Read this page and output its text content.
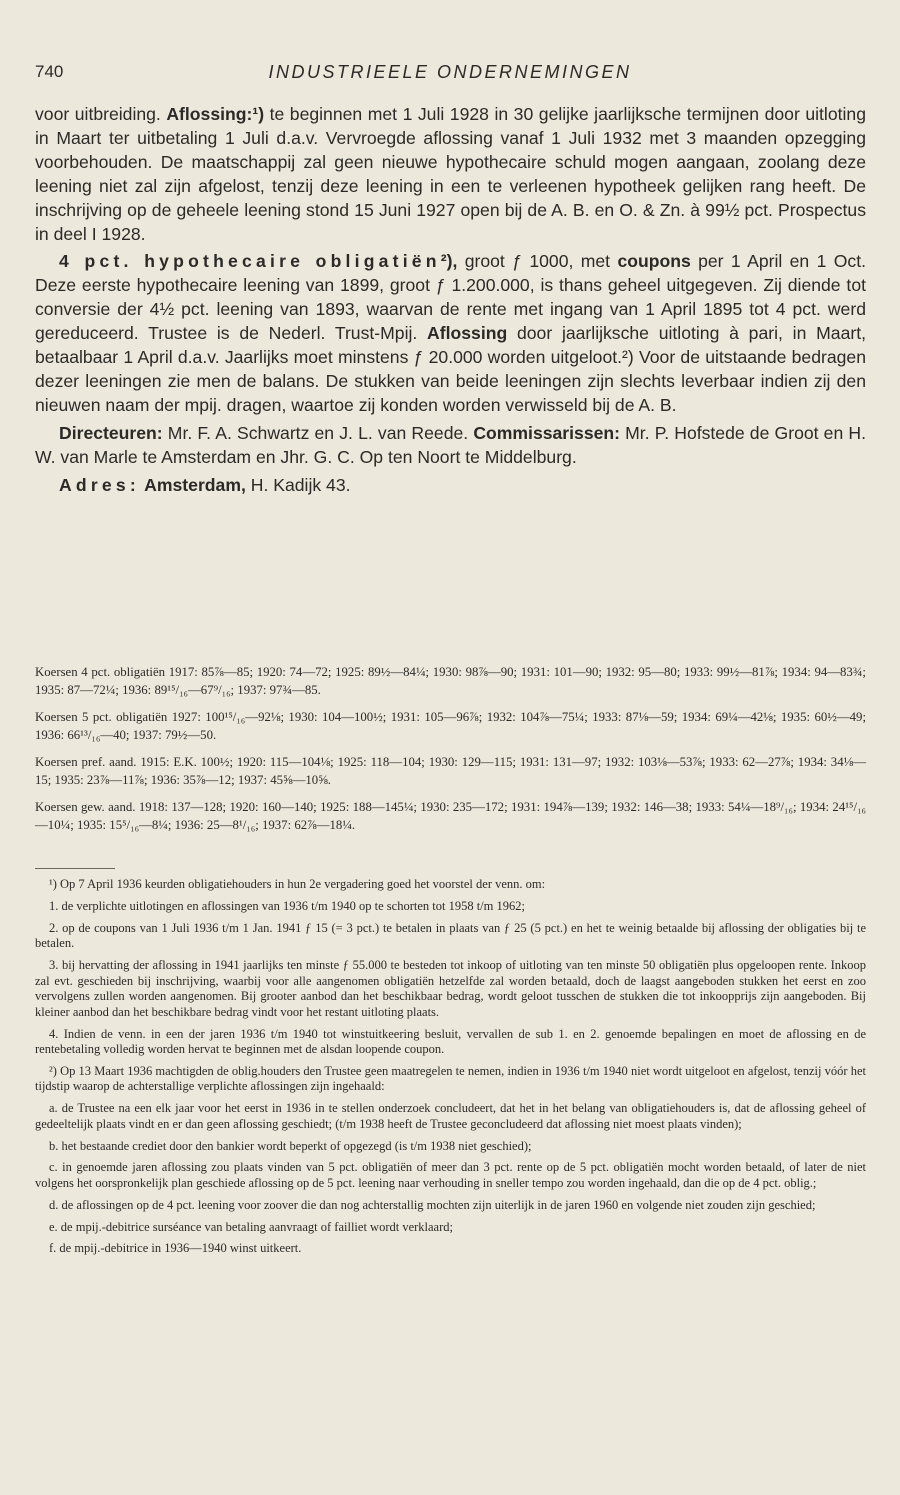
740	INDUSTRIEELE ONDERNEMINGEN

voor uitbreiding. Aflossing:¹) te beginnen met 1 Juli 1928 in 30 gelijke jaarlijksche termijnen door uitloting in Maart ter uitbetaling 1 Juli d.a.v. Vervroegde aflossing vanaf 1 Juli 1932 met 3 maanden opzegging voorbehouden. De maatschappij zal geen nieuwe hypothecaire schuld mogen aangaan, zoolang deze leening niet zal zijn afgelost, tenzij deze leening in een te verleenen hypotheek gelijken rang heeft. De inschrijving op de geheele leening stond 15 Juni 1927 open bij de A. B. en O. & Zn. à 99½ pct. Prospectus in deel I 1928.

4 pct. hypothecaire obligatiën²), groot ƒ 1000, met coupons per 1 April en 1 Oct. Deze eerste hypothecaire leening van 1899, groot ƒ 1.200.000, is thans geheel uitgegeven. Zij diende tot conversie der 4½ pct. leening van 1893, waarvan de rente met ingang van 1 April 1895 tot 4 pct. werd gereduceerd. Trustee is de Nederl. Trust-Mpij. Aflossing door jaarlijksche uitloting à pari, in Maart, betaalbaar 1 April d.a.v. Jaarlijks moet minstens ƒ 20.000 worden uitgeloot.²) Voor de uitstaande bedragen dezer leeningen zie men de balans. De stukken van beide leeningen zijn slechts leverbaar indien zij den nieuwen naam der mpij. dragen, waartoe zij konden worden verwisseld bij de A. B.

Directeuren: Mr. F. A. Schwartz en J. L. van Reede. Commissarissen: Mr. P. Hofstede de Groot en H. W. van Marle te Amsterdam en Jhr. G. C. Op ten Noort te Middelburg.

Adres: Amsterdam, H. Kadijk 43.

Koersen 4 pct. obligatiën 1917: 85⅞—85; 1920: 74—72; 1925: 89½—84¼; 1930: 98⅞—90; 1931: 101—90; 1932: 95—80; 1933: 99½—81⅞; 1934: 94—83¾; 1935: 87—72¼; 1936: 89¹⁵/₁₆—67⁹/₁₆; 1937: 97¾—85.

Koersen 5 pct. obligatiën 1927: 100¹⁵/₁₆—92⅛; 1930: 104—100½; 1931: 105—96⅞; 1932: 104⅞—75¼; 1933: 87⅛—59; 1934: 69¼—42⅛; 1935: 60½—49; 1936: 66¹³/₁₆—40; 1937: 79½—50.

Koersen pref. aand. 1915: E.K. 100½; 1920: 115—104⅛; 1925: 118—104; 1930: 129—115; 1931: 131—97; 1932: 103⅛—53⅞; 1933: 62—27⅞; 1934: 34⅛—15; 1935: 23⅞—11⅞; 1936: 35⅞—12; 1937: 45⅝—10⅝.

Koersen gew. aand. 1918: 137—128; 1920: 160—140; 1925: 188—145¼; 1930: 235—172; 1931: 194⅞—139; 1932: 146—38; 1933: 54¼—18⁹/₁₆; 1934: 24¹⁵/₁₆—10¼; 1935: 15⁵/₁₆—8¼; 1936: 25—8¹/₁₆; 1937: 62⅞—18¼.

¹) Op 7 April 1936 keurden obligatiehouders in hun 2e vergadering goed het voorstel der venn. om:

1. de verplichte uitlotingen en aflossingen van 1936 t/m 1940 op te schorten tot 1958 t/m 1962;

2. op de coupons van 1 Juli 1936 t/m 1 Jan. 1941 ƒ 15 (= 3 pct.) te betalen in plaats van ƒ 25 (5 pct.) en het te weinig betaalde bij aflossing der obligaties bij te betalen.

3. bij hervatting der aflossing in 1941 jaarlijks ten minste ƒ 55.000 te besteden tot inkoop of uitloting van ten minste 50 obligatiën plus opgeloopen rente. Inkoop zal evt. geschieden bij inschrijving, waarbij voor alle aangenomen obligatiën hetzelfde zal worden betaald, doch de laagst aangeboden stukken het eerst en zoo vervolgens zullen worden aangenomen. Bij grooter aanbod dan het beschikbaar bedrag, wordt geloot tusschen de stukken die tot inkoopprijs zijn aangeboden. Bij kleiner aanbod dan het beschikbare bedrag vindt voor het restant uitloting plaats.

4. Indien de venn. in een der jaren 1936 t/m 1940 tot winstuitkeering besluit, vervallen de sub 1. en 2. genoemde bepalingen en moet de aflossing en de rentebetaling volledig worden hervat te beginnen met de alsdan loopende coupon.

²) Op 13 Maart 1936 machtigden de oblig.houders den Trustee geen maatregelen te nemen, indien in 1936 t/m 1940 niet wordt uitgeloot en afgelost, tenzij vóór het tijdstip waarop de achterstallige verplichte aflossingen zijn ingehaald:

a. de Trustee na een elk jaar voor het eerst in 1936 in te stellen onderzoek concludeert, dat het in het belang van obligatiehouders is, dat de aflossing geheel of gedeeltelijk plaats vindt en er dan geen aflossing geschiedt; (t/m 1938 heeft de Trustee geconcludeerd dat aflossing niet moest plaats vinden);

b. het bestaande crediet door den bankier wordt beperkt of opgezegd (is t/m 1938 niet geschied);

c. in genoemde jaren aflossing zou plaats vinden van 5 pct. obligatiën of meer dan 3 pct. rente op de 5 pct. obligatiën mocht worden betaald, of later de niet volgens het oorspronkelijk plan geschiede aflossing op de 5 pct. leening naar verhouding in sneller tempo zou worden ingehaald, dan die op de 4 pct. oblig.;

d. de aflossingen op de 4 pct. leening voor zoover die dan nog achterstallig mochten zijn uiterlijk in de jaren 1960 en volgende niet zouden zijn geschied;

e. de mpij.-debitrice surséance van betaling aanvraagt of failliet wordt verklaard;

f. de mpij.-debitrice in 1936—1940 winst uitkeert.
